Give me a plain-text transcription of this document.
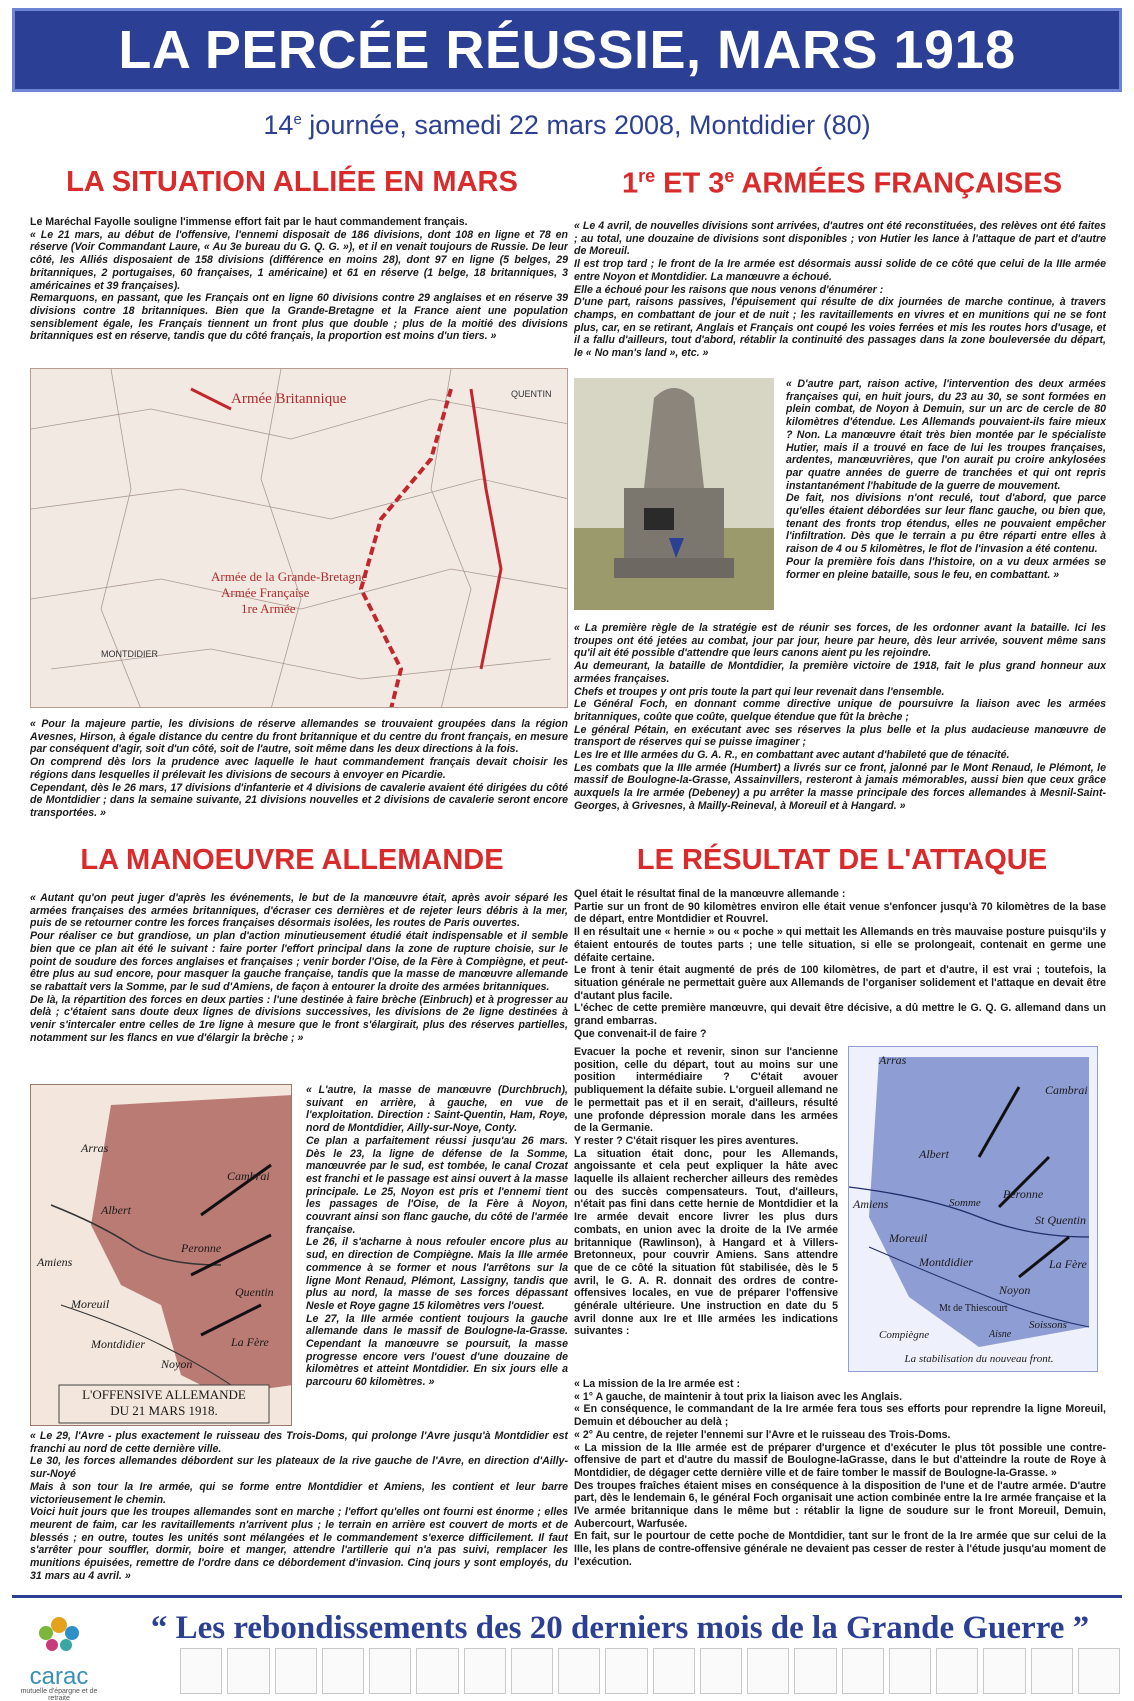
LA PERCÉE RÉUSSIE, MARS 1918
14e journée, samedi 22 mars 2008, Montdidier (80)
LA SITUATION ALLIÉE EN MARS	1re ET 3e ARMÉES FRANÇAISES

Le Maréchal Fayolle souligne l'immense effort fait par le haut commandement français.

« Le 21 mars, au début de l'offensive, l'ennemi disposait de 186 divisions, dont 108 en ligne et 78 en réserve (Voir Commandant Laure, « Au 3e bureau du G. Q. G. »), et il en venait toujours de Russie. De leur côté, les Alliés disposaient de 158 divisions (différence en moins 28), dont 97 en ligne (5 belges, 29 britanniques, 2 portugaises, 60 françaises, 1 américaine) et 61 en réserve (1 belge, 18 britanniques, 3 américaines et 39 françaises).

Remarquons, en passant, que les Français ont en ligne 60 divisions contre 29 anglaises et en réserve 39 divisions contre 18 britanniques. Bien que la Grande-Bretagne et la France aient une population sensiblement égale, les Français tiennent un front plus que double ; plus de la moitié des divisions britanniques est en réserve, tandis que du côté français, la proportion est moins d'un tiers. »

Armée Britannique
Armée de la Grande-Bretagne
Armée Française
1re Armée
MONTDIDIER
QUENTIN

« Pour la majeure partie, les divisions de réserve allemandes se trouvaient groupées dans la région Avesnes, Hirson, à égale distance du centre du front britannique et du centre du front français, en mesure par conséquent d'agir, soit d'un côté, soit de l'autre, soit même dans les deux directions à la fois.

On comprend dès lors la prudence avec laquelle le haut commandement français devait choisir les régions dans lesquelles il prélevait les divisions de secours à envoyer en Picardie.

Cependant, dès le 26 mars, 17 divisions d'infanterie et 4 divisions de cavalerie avaient été dirigées du côté de Montdidier ; dans la semaine suivante, 21 divisions nouvelles et 2 divisions de cavalerie seront encore transportées. »

« Le 4 avril, de nouvelles divisions sont arrivées, d'autres ont été reconstituées, des relèves ont été faites ; au total, une douzaine de divisions sont disponibles ; von Hutier les lance à l'attaque de part et d'autre de Moreuil.

Il est trop tard ; le front de la Ire armée est désormais aussi solide de ce côté que celui de la IIIe armée entre Noyon et Montdidier. La manœuvre a échoué.

Elle a échoué pour les raisons que nous venons d'énumérer :

D'une part, raisons passives, l'épuisement qui résulte de dix journées de marche continue, à travers champs, en combattant de jour et de nuit ; les ravitaillements en vivres et en munitions qui ne se font plus, car, en se retirant, Anglais et Français ont coupé les voies ferrées et mis les routes hors d'usage, et il a fallu d'ailleurs, tout d'abord, rétablir la continuité des passages dans la zone bouleversée du départ, le « No man's land », etc. »

« D'autre part, raison active, l'intervention des deux armées françaises qui, en huit jours, du 23 au 30, se sont formées en plein combat, de Noyon à Demuin, sur un arc de cercle de 80 kilomètres d'étendue. Les Allemands pouvaient-ils faire mieux ? Non. La manœuvre était très bien montée par le spécialiste Hutier, mais il a trouvé en face de lui les troupes françaises, ardentes, manœuvrières, que l'on aurait pu croire ankylosées par quatre années de guerre de tranchées et qui ont repris instantanément l'habitude de la guerre de mouvement.

De fait, nos divisions n'ont reculé, tout d'abord, que parce qu'elles étaient débordées sur leur flanc gauche, ou bien que, tenant des fronts trop étendus, elles ne pouvaient empêcher l'infiltration. Dès que le terrain a pu être réparti entre elles à raison de 4 ou 5 kilomètres, le flot de l'invasion a été contenu.

Pour la première fois dans l'histoire, on a vu deux armées se former en pleine bataille, sous le feu, en combattant. »

« La première règle de la stratégie est de réunir ses forces, de les ordonner avant la bataille. Ici les troupes ont été jetées au combat, jour par jour, heure par heure, dès leur arrivée, souvent même sans qu'il ait été possible d'attendre que leurs canons aient pu les rejoindre.

Au demeurant, la bataille de Montdidier, la première victoire de 1918, fait le plus grand honneur aux armées françaises.

Chefs et troupes y ont pris toute la part qui leur revenait dans l'ensemble.

Le Général Foch, en donnant comme directive unique de poursuivre la liaison avec les armées britanniques, coûte que coûte, quelque étendue que fût la brèche ;

Le général Pétain, en exécutant avec ses réserves la plus belle et la plus audacieuse manœuvre de transport de réserves qui se puisse imaginer ;

Les Ire et IIIe armées du G. A. R., en combattant avec autant d'habileté que de ténacité.

Les combats que la IIIe armée (Humbert) a livrés sur ce front, jalonné par le Mont Renaud, le Plémont, le massif de Boulogne-la-Grasse, Assainvillers, resteront à jamais mémorables, aussi bien que ceux grâce auxquels la Ire armée (Debeney) a pu arrêter la masse principale des forces allemandes à Mesnil-Saint-Georges, à Grivesnes, à Mailly-Reineval, à Moreuil et à Hangard. »

LA MANOEUVRE ALLEMANDE	LE RÉSULTAT DE L'ATTAQUE

« Autant qu'on peut juger d'après les événements, le but de la manœuvre était, après avoir séparé les armées françaises des armées britanniques, d'écraser ces dernières et de rejeter leurs débris à la mer, puis de se retourner contre les forces françaises désormais isolées, les routes de Paris ouvertes.

Pour réaliser ce but grandiose, un plan d'action minutieusement étudié était indispensable et il semble bien que ce plan ait été le suivant : faire porter l'effort principal dans la zone de rupture choisie, sur le point de soudure des forces anglaises et françaises ; venir border l'Oise, de la Fère à Compiègne, et peut-être plus au sud encore, pour masquer la gauche française, tandis que la masse de manœuvre allemande se rabattait vers la Somme, par le sud d'Amiens, de façon à entourer la droite des armées britanniques.

De là, la répartition des forces en deux parties : l'une destinée à faire brèche (Einbruch) et à progresser au delà ; c'étaient sans doute deux lignes de divisions successives, les divisions de 2e ligne destinées à venir s'intercaler entre celles de 1re ligne à mesure que le front s'élargirait, plus des réserves partielles, notamment sur les flancs en vue d'élargir la brèche ; »

Arras
Albert
Amiens
Peronne
Moreuil
Montdidier
Noyon
Cambrai
Quentin
La Fère
L'OFFENSIVE ALLEMANDE
DU 21 MARS 1918.

« L'autre, la masse de manœuvre (Durchbruch), suivant en arrière, à gauche, en vue de l'exploitation. Direction : Saint-Quentin, Ham, Roye, nord de Montdidier, Ailly-sur-Noye, Conty.

Ce plan a parfaitement réussi jusqu'au 26 mars. Dès le 23, la ligne de défense de la Somme, manœuvrée par le sud, est tombée, le canal Crozat est franchi et le passage est ainsi ouvert à la masse principale. Le 25, Noyon est pris et l'ennemi tient les passages de l'Oise, de la Fère à Noyon, couvrant ainsi son flanc gauche, du côté de l'armée française.

Le 26, il s'acharne à nous refouler encore plus au sud, en direction de Compiègne. Mais la IIIe armée commence à se former et nous l'arrêtons sur la ligne Mont Renaud, Plémont, Lassigny, tandis que plus au nord, la masse de ses forces dépassant Nesle et Roye gagne 15 kilomètres vers l'ouest.

Le 27, la IIIe armée contient toujours la gauche allemande dans le massif de Boulogne-la-Grasse. Cependant la manœuvre se poursuit, la masse progresse encore vers l'ouest d'une douzaine de kilomètres et atteint Montdidier. En six jours elle a parcouru 60 kilomètres. »

« Le 29, l'Avre - plus exactement le ruisseau des Trois-Doms, qui prolonge l'Avre jusqu'à Montdidier est franchi au nord de cette dernière ville.

Le 30, les forces allemandes débordent sur les plateaux de la rive gauche de l'Avre, en direction d'Ailly-sur-Noyé

Mais à son tour la Ire armée, qui se forme entre Montdidier et Amiens, les contient et leur barre victorieusement le chemin.

Voici huit jours que les troupes allemandes sont en marche ; l'effort qu'elles ont fourni est énorme ; elles meurent de faim, car les ravitaillements n'arrivent plus ; le terrain en arrière est couvert de morts et de blessés ; en outre, toutes les unités sont mélangées et le commandement s'exerce difficilement. Il faut s'arrêter pour souffler, dormir, boire et manger, attendre l'artillerie qui n'a pas suivi, remplacer les munitions épuisées, remettre de l'ordre dans ce débordement d'invasion. Cinq jours y sont employés, du 31 mars au 4 avril. »

Quel était le résultat final de la manœuvre allemande :

Partie sur un front de 90 kilomètres environ elle était venue s'enfoncer jusqu'à 70 kilomètres de la base de départ, entre Montdidier et Rouvrel.

Il en résultait une « hernie » ou « poche » qui mettait les Allemands en très mauvaise posture puisqu'ils y étaient entourés de toutes parts ; une telle situation, si elle se prolongeait, contenait en germe une défaite certaine.

Le front à tenir était augmenté de prés de 100 kilomètres, de part et d'autre, il est vrai ; toutefois, la situation générale ne permettait guère aux Allemands de l'organiser solidement et l'attaque en devait être d'autant plus facile.

L'échec de cette première manœuvre, qui devait être décisive, a dû mettre le G. Q. G. allemand dans un grand embarras.

Que convenait-il de faire ?

Evacuer la poche et revenir, sinon sur l'ancienne position, celle du départ, tout au moins sur une position intermédiaire ? C'était avouer publiquement la défaite subie. L'orgueil allemand ne le permettait pas et il en serait, d'ailleurs, résulté une profonde dépression morale dans les armées de la Germanie.

Y rester ? C'était risquer les pires aventures.

La situation était donc, pour les Allemands, angoissante et cela peut expliquer la hâte avec laquelle ils allaient rechercher ailleurs des remèdes ou des succès compensateurs. Tout, d'ailleurs, n'était pas fini dans cette hernie de Montdidier et la Ire armée devait encore livrer les plus durs combats, en union avec la droite de la IVe armée britannique (Rawlinson), à Hangard et à Villers-Bretonneux, pour couvrir Amiens. Sans attendre que de ce côté la situation fût stabilisée, dès le 5 avril, le G. A. R. donnait des ordres de contre-offensives locales, en vue de préparer l'offensive générale ultérieure. Une instruction en date du 5 avril donne aux Ire et IIIe armées les indications suivantes :

Arras
Cambrai
Albert
Amiens	Somme
Peronne
St Quentin
Moreuil
Montdidier	La Fère
Noyon
Mt de Thiescourt
Compiègne
Soissons
Aisne
La stabilisation du nouveau front.

« La mission de la Ire armée est :

« 1° A gauche, de maintenir à tout prix la liaison avec les Anglais.

« En conséquence, le commandant de la Ire armée fera tous ses efforts pour reprendre la ligne Moreuil, Demuin et déboucher au delà ;

« 2° Au centre, de rejeter l'ennemi sur l'Avre et le ruisseau des Trois-Doms.

« La mission de la IIIe armée est de préparer d'urgence et d'exécuter le plus tôt possible une contre-offensive de part et d'autre du massif de Boulogne-laGrasse, dans le but d'atteindre la route de Roye à Montdidier, de dégager cette dernière ville et de faire tomber le massif de Boulogne-la-Grasse. »

Des troupes fraîches étaient mises en conséquence à la disposition de l'une et de l'autre armée. D'autre part, dès le lendemain 6, le général Foch organisait une action combinée entre la Ire armée française et la IVe armée britannique dans le même but : rétablir la ligne de soudure sur le front Moreuil, Demuin, Aubercourt, Warfusée.

En fait, sur le pourtour de cette poche de Montdidier, tant sur le front de la Ire armée que sur celui de la IIIe, les plans de contre-offensive générale ne devaient pas cesser de rester à l'étude jusqu'au moment de l'exécution.

carac
mutuelle d'épargne et de retraite
“ Les rebondissements des 20 derniers mois de la Grande Guerre ”
